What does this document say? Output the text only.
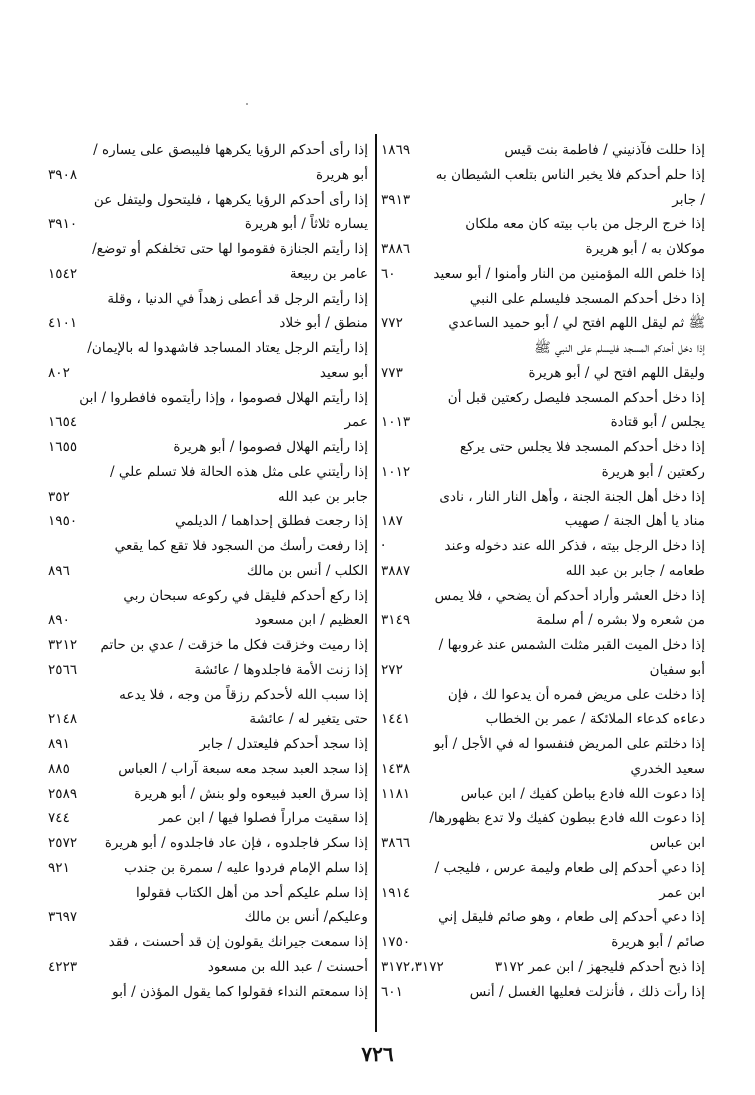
إذا حللت فآذنيني / فاطمة بنت قيس
١٨٦٩
إذا حلم أحدكم فلا يخبر الناس بتلعب الشيطان به
/ جابر
٣٩١٣
إذا خرج الرجل من باب بيته كان معه ملكان
موكلان به / أبو هريرة
٣٨٨٦
إذا خلص الله المؤمنين من النار وأمنوا / أبو سعيد
٦٠
إذا دخل أحدكم المسجد فليسلم على النبي
ﷺ ثم ليقل اللهم افتح لي / أبو حميد الساعدي
٧٧٢
إذا دخل أحدكم المسجد فليسلم على النبي ﷺ
وليقل اللهم افتح لي / أبو هريرة
٧٧٣
إذا دخل أحدكم المسجد فليصل ركعتين قبل أن
يجلس / أبو قتادة
١٠١٣
إذا دخل أحدكم المسجد فلا يجلس حتى يركع
ركعتين / أبو هريرة
١٠١٢
إذا دخل أهل الجنة الجنة ، وأهل النار النار ، نادى
مناد يا أهل الجنة / صهيب
١٨٧
إذا دخل الرجل بيته ، فذكر الله عند دخوله وعند
·
طعامه / جابر بن عبد الله
٣٨٨٧
إذا دخل العشر وأراد أحدكم أن يضحي ، فلا يمس
من شعره ولا بشره / أم سلمة
٣١٤٩
إذا دخل الميت القبر مثلت الشمس عند غروبها /
أبو سفيان
٢٧٢
إذا دخلت على مريض فمره أن يدعوا لك ، فإن
دعاءه كدعاء الملائكة / عمر بن الخطاب
١٤٤١
إذا دخلتم على المريض فنفسوا له في الأجل / أبو
سعيد الخدري
١٤٣٨
إذا دعوت الله فادع بباطن كفيك / ابن عباس
١١٨١
إذا دعوت الله فادع ببطون كفيك ولا تدع بظهورها/
ابن عباس
٣٨٦٦
إذا دعي أحدكم إلى طعام وليمة عرس ، فليجب /
ابن عمر
١٩١٤
إذا دعي أحدكم إلى طعام ، وهو صائم فليقل إني
صائم / أبو هريرة
١٧٥٠
إذا ذبح أحدكم فليجهز / ابن عمر ٣١٧٢
٣١٧٢،٣١٧٢
إذا رأت ذلك ، فأنزلت فعليها الغسل / أنس
٦٠١
إذا رأى أحدكم الرؤيا يكرهها فليبصق على يساره /
أبو هريرة
٣٩٠٨
إذا رأى أحدكم الرؤيا يكرهها ، فليتحول وليتفل عن
يساره ثلاثاً / أبو هريرة
٣٩١٠
إذا رأيتم الجنازة فقوموا لها حتى تخلفكم أو توضع/
عامر بن ربيعة
١٥٤٢
إذا رأيتم الرجل قد أعطى زهداً في الدنيا ، وقلة
منطق / أبو خلاد
٤١٠١
إذا رأيتم الرجل يعتاد المساجد فاشهدوا له بالإيمان/
أبو سعيد
٨٠٢
إذا رأيتم الهلال فصوموا ، وإذا رأيتموه فافطروا / ابن
عمر
١٦٥٤
إذا رأيتم الهلال فصوموا / أبو هريرة
١٦٥٥
إذا رأيتني على مثل هذه الحالة فلا تسلم علي /
جابر بن عبد الله
٣٥٢
إذا رجعت فطلق إحداهما / الديلمي
١٩٥٠
إذا رفعت رأسك من السجود فلا تقع كما يقعي
الكلب / أنس بن مالك
٨٩٦
إذا ركع أحدكم فليقل في ركوعه سبحان ربي
العظيم / ابن مسعود
٨٩٠
إذا رميت وخزقت فكل ما خزقت / عدي بن حاتم
٣٢١٢
إذا زنت الأمة فاجلدوها / عائشة
٢٥٦٦
إذا سبب الله لأحدكم رزقاً من وجه ، فلا يدعه
حتى يتغير له / عائشة
٢١٤٨
إذا سجد أحدكم فليعتدل / جابر
٨٩١
إذا سجد العبد سجد معه سبعة آراب / العباس
٨٨٥
إذا سرق العبد فبيعوه ولو بنش / أبو هريرة
٢٥٨٩
إذا سقيت مراراً فصلوا فيها / ابن عمر
٧٤٤
إذا سكر فاجلدوه ، فإن عاد فاجلدوه / أبو هريرة
٢٥٧٢
إذا سلم الإمام فردوا عليه / سمرة بن جندب
٩٢١
إذا سلم عليكم أحد من أهل الكتاب فقولوا
وعليكم/ أنس بن مالك
٣٦٩٧
إذا سمعت جيرانك يقولون إن قد أحسنت ، فقد
أحسنت / عبد الله بن مسعود
٤٢٢٣
إذا سمعتم النداء فقولوا كما يقول المؤذن / أبو
٧٢٦
